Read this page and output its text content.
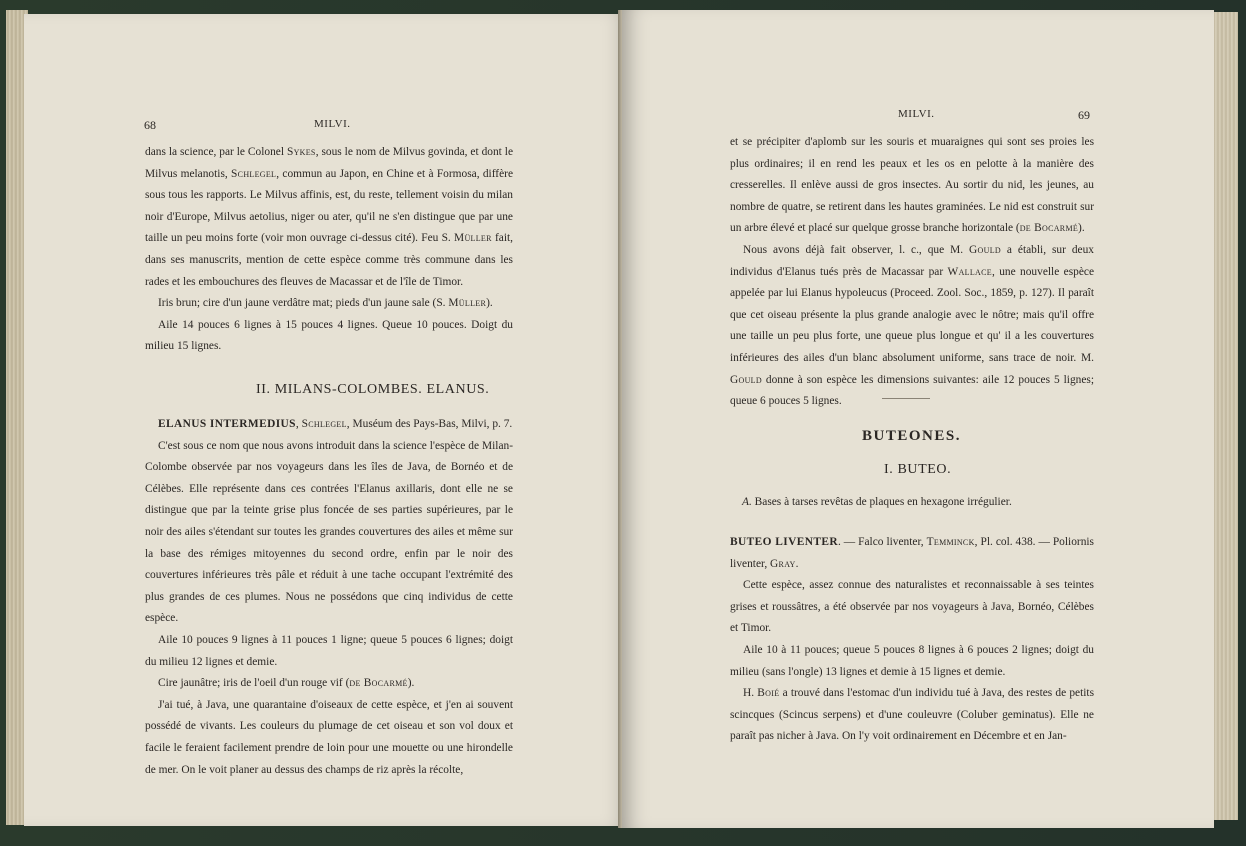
68	MILVI.

dans la science, par le Colonel Sykes, sous le nom de Milvus govinda, et dont le Milvus melanotis, Schlegel, commun au Japon, en Chine et à Formosa, diffère sous tous les rapports. Le Milvus affinis, est, du reste, tellement voisin du milan noir d'Europe, Milvus aetolius, niger ou ater, qu'il ne s'en distingue que par une taille un peu moins forte (voir mon ouvrage ci-dessus cité). Feu S. Müller fait, dans ses manuscrits, mention de cette espèce comme très commune dans les rades et les embouchures des fleuves de Macassar et de l'île de Timor.

Iris brun; cire d'un jaune verdâtre mat; pieds d'un jaune sale (S. Müller).

Aile 14 pouces 6 lignes à 15 pouces 4 lignes. Queue 10 pouces. Doigt du milieu 15 lignes.

II. MILANS-COLOMBES. ELANUS.

ELANUS INTERMEDIUS, Schlegel, Muséum des Pays-Bas, Milvi, p. 7.

C'est sous ce nom que nous avons introduit dans la science l'espèce de Milan-Colombe observée par nos voyageurs dans les îles de Java, de Bornéo et de Célèbes. Elle représente dans ces contrées l'Elanus axillaris, dont elle ne se distingue que par la teinte grise plus foncée de ses parties supérieures, par le noir des ailes s'étendant sur toutes les grandes couvertures des ailes et même sur la base des rémiges mitoyennes du second ordre, enfin par le noir des couvertures inférieures très pâle et réduit à une tache occupant l'extrémité des plus grandes de ces plumes. Nous ne possédons que cinq individus de cette espèce.

Aile 10 pouces 9 lignes à 11 pouces 1 ligne; queue 5 pouces 6 lignes; doigt du milieu 12 lignes et demie.

Cire jaunâtre; iris de l'oeil d'un rouge vif (de Bocarmé).

J'ai tué, à Java, une quarantaine d'oiseaux de cette espèce, et j'en ai souvent possédé de vivants. Les couleurs du plumage de cet oiseau et son vol doux et facile le feraient facilement prendre de loin pour une mouette ou une hirondelle de mer. On le voit planer au dessus des champs de riz après la récolte,

MILVI.	69

et se précipiter d'aplomb sur les souris et muaraignes qui sont ses proies les plus ordinaires; il en rend les peaux et les os en pelotte à la manière des cresserelles. Il enlève aussi de gros insectes. Au sortir du nid, les jeunes, au nombre de quatre, se retirent dans les hautes graminées. Le nid est construit sur un arbre élevé et placé sur quelque grosse branche horizontale (de Bocarmé).

Nous avons déjà fait observer, l. c., que M. Gould a établi, sur deux individus d'Elanus tués près de Macassar par Wallace, une nouvelle espèce appelée par lui Elanus hypoleucus (Proceed. Zool. Soc., 1859, p. 127). Il paraît que cet oiseau présente la plus grande analogie avec le nôtre; mais qu'il offre une taille un peu plus forte, une queue plus longue et qu' il a les couvertures inférieures des ailes d'un blanc absolument uniforme, sans trace de noir. M. Gould donne à son espèce les dimensions suivantes: aile 12 pouces 5 lignes; queue 6 pouces 5 lignes.

BUTEONES.
I. BUTEO.

A. Bases à tarses revêtas de plaques en hexagone irrégulier.

BUTEO LIVENTER. — Falco liventer, Temminck, Pl. col. 438. — Poliornis liventer, Gray.

Cette espèce, assez connue des naturalistes et reconnaissable à ses teintes grises et roussâtres, a été observée par nos voyageurs à Java, Bornéo, Célèbes et Timor.

Aile 10 à 11 pouces; queue 5 pouces 8 lignes à 6 pouces 2 lignes; doigt du milieu (sans l'ongle) 13 lignes et demie à 15 lignes et demie.

H. Boié a trouvé dans l'estomac d'un individu tué à Java, des restes de petits scincques (Scincus serpens) et d'une couleuvre (Coluber geminatus). Elle ne paraît pas nicher à Java. On l'y voit ordinairement en Décembre et en Jan-
